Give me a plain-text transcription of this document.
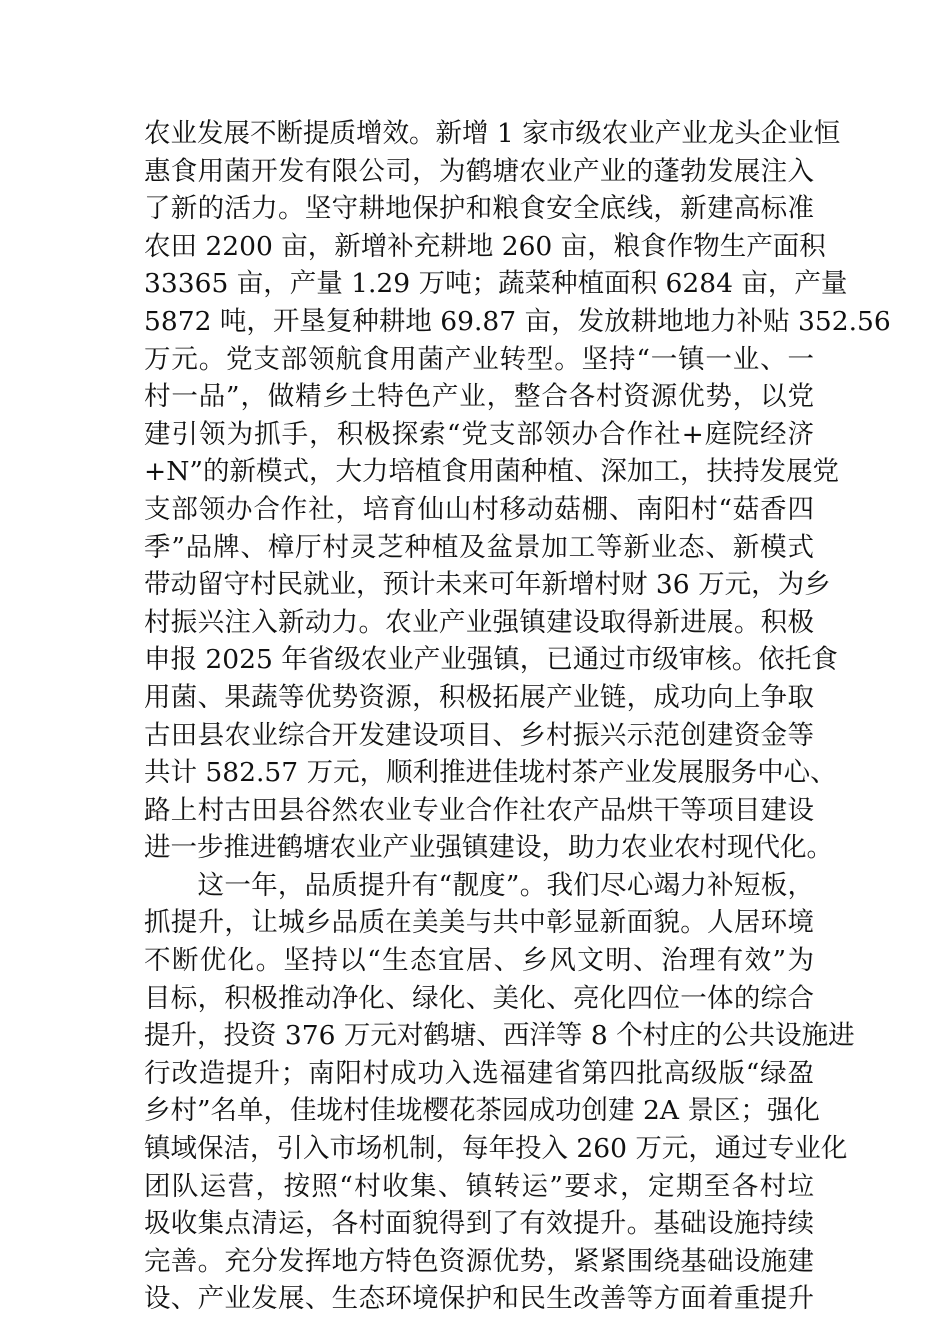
农业发展不断提质增效。新增 1 家市级农业产业龙头企业恒
惠食用菌开发有限公司，为鹤塘农业产业的蓬勃发展注入
了新的活力。坚守耕地保护和粮食安全底线，新建高标准
农田 2200 亩，新增补充耕地 260 亩，粮食作物生产面积
33365 亩，产量 1.29 万吨；蔬菜种植面积 6284 亩，产量
5872 吨，开垦复种耕地 69.87 亩，发放耕地地力补贴 352.56
万元。党支部领航食用菌产业转型。坚持“一镇一业、一
村一品”，做精乡土特色产业，整合各村资源优势，以党
建引领为抓手，积极探索“党支部领办合作社+庭院经济
+N”的新模式，大力培植食用菌种植、深加工，扶持发展党
支部领办合作社，培育仙山村移动菇棚、南阳村“菇香四
季”品牌、樟厅村灵芝种植及盆景加工等新业态、新模式
带动留守村民就业，预计未来可年新增村财 36 万元，为乡
村振兴注入新动力。农业产业强镇建设取得新进展。积极
申报 2025 年省级农业产业强镇，已通过市级审核。依托食
用菌、果蔬等优势资源，积极拓展产业链，成功向上争取
古田县农业综合开发建设项目、乡村振兴示范创建资金等
共计 582.57 万元，顺利推进佳垅村茶产业发展服务中心、
路上村古田县谷然农业专业合作社农产品烘干等项目建设
进一步推进鹤塘农业产业强镇建设，助力农业农村现代化。
　　这一年，品质提升有“靓度”。我们尽心竭力补短板，
抓提升，让城乡品质在美美与共中彰显新面貌。人居环境
不断优化。坚持以“生态宜居、乡风文明、治理有效”为
目标，积极推动净化、绿化、美化、亮化四位一体的综合
提升，投资 376 万元对鹤塘、西洋等 8 个村庄的公共设施进
行改造提升；南阳村成功入选福建省第四批高级版“绿盈
乡村”名单，佳垅村佳垅樱花茶园成功创建 2A 景区；强化
镇域保洁，引入市场机制，每年投入 260 万元，通过专业化
团队运营，按照“村收集、镇转运”要求，定期至各村垃
圾收集点清运，各村面貌得到了有效提升。基础设施持续
完善。充分发挥地方特色资源优势，紧紧围绕基础设施建
设、产业发展、生态环境保护和民生改善等方面着重提升
